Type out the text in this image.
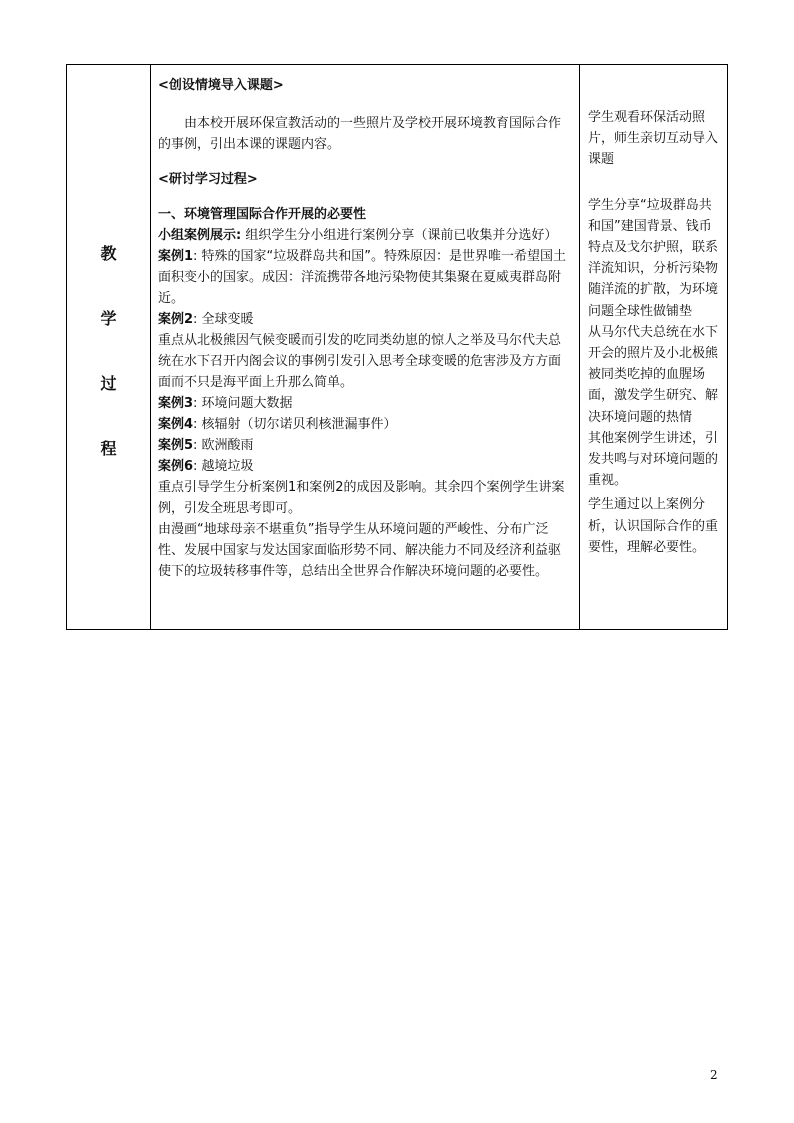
教
学
过
程

<创设情境导入课题>

由本校开展环保宣教活动的一些照片及学校开展环境教育国际合作的事例，引出本课的课题内容。

<研讨学习过程>

一、环境管理国际合作开展的必要性

小组案例展示: 组织学生分小组进行案例分享（课前已收集并分选好）

案例1: 特殊的国家“垃圾群岛共和国”。特殊原因：是世界唯一希望国土面积变小的国家。成因：洋流携带各地污染物使其集聚在夏威夷群岛附近。

案例2: 全球变暖

重点从北极熊因气候变暖而引发的吃同类幼崽的惊人之举及马尔代夫总统在水下召开内阁会议的事例引发引入思考全球变暖的危害涉及方方面面而不只是海平面上升那么简单。

案例3: 环境问题大数据

案例4: 核辐射（切尔诺贝利核泄漏事件）

案例5: 欧洲酸雨

案例6: 越境垃圾

重点引导学生分析案例1和案例2的成因及影响。其余四个案例学生讲案例，引发全班思考即可。

由漫画“地球母亲不堪重负”指导学生从环境问题的严峻性、分布广泛性、发展中国家与发达国家面临形势不同、解决能力不同及经济利益驱使下的垃圾转移事件等，总结出全世界合作解决环境问题的必要性。

学生观看环保活动照片，师生亲切互动导入课题

学生分享“垃圾群岛共和国”建国背景、钱币特点及戈尔护照，联系洋流知识，分析污染物随洋流的扩散，为环境问题全球性做铺垫

从马尔代夫总统在水下开会的照片及小北极熊被同类吃掉的血腥场面，激发学生研究、解决环境问题的热情

其他案例学生讲述，引发共鸣与对环境问题的重视。

学生通过以上案例分析，认识国际合作的重要性，理解必要性。

2
